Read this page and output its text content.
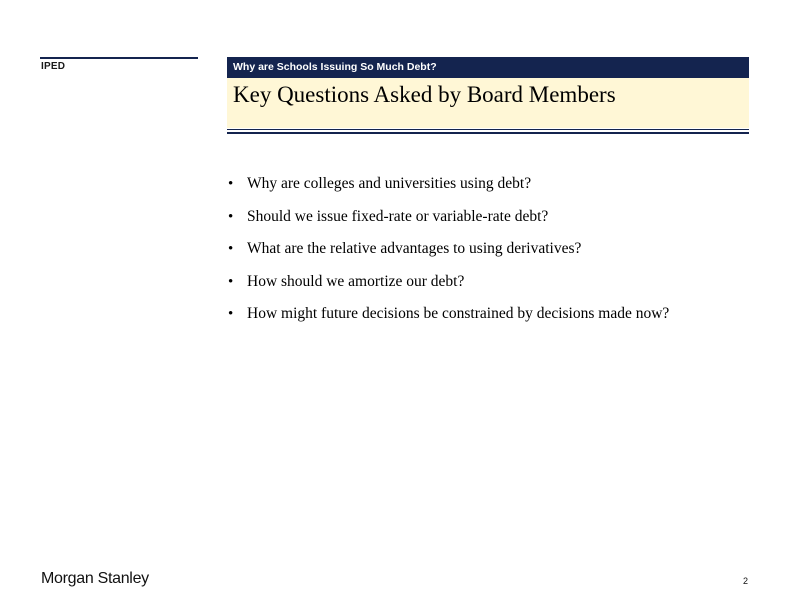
IPED	Why are Schools Issuing So Much Debt?
Key Questions Asked by Board Members
• Why are colleges and universities using debt?
• Should we issue fixed-rate or variable-rate debt?
• What are the relative advantages to using derivatives?
• How should we amortize our debt?
• How might future decisions be constrained by decisions made now?
Morgan Stanley	2
